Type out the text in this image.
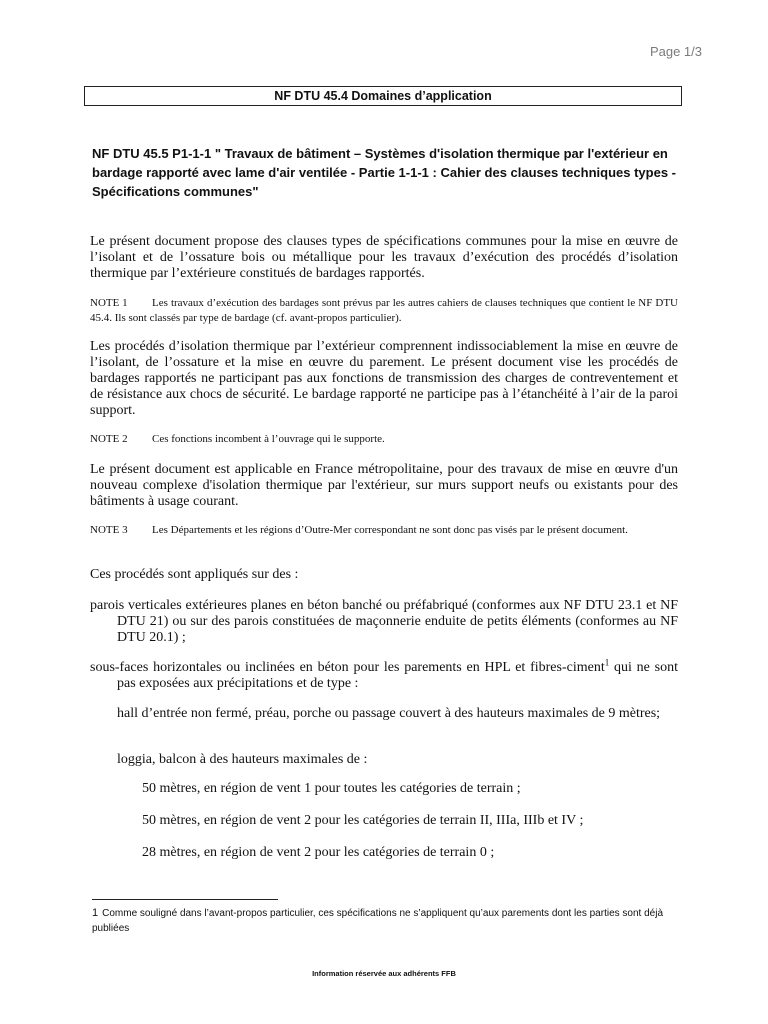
Page 1/3
NF DTU 45.4 Domaines d’application
NF DTU 45.5 P1-1-1 " Travaux de bâtiment – Systèmes d'isolation thermique par l'extérieur en bardage rapporté avec lame d'air ventilée - Partie 1-1-1 : Cahier des clauses techniques types - Spécifications communes"
Le présent document propose des clauses types de spécifications communes pour la mise en œuvre de l’isolant et de l’ossature bois ou métallique pour les travaux d’exécution des procédés d’isolation thermique par l’extérieure constitués de bardages rapportés.
NOTE 1 Les travaux d’exécution des bardages sont prévus par les autres cahiers de clauses techniques que contient le NF DTU 45.4. Ils sont classés par type de bardage (cf. avant-propos particulier).
Les procédés d’isolation thermique par l’extérieur comprennent indissociablement la mise en œuvre de l’isolant, de l’ossature et la mise en œuvre du parement. Le présent document vise les procédés de bardages rapportés ne participant pas aux fonctions de transmission des charges de contreventement et de résistance aux chocs de sécurité. Le bardage rapporté ne participe pas à l’étanchéité à l’air de la paroi support.
NOTE 2 Ces fonctions incombent à l’ouvrage qui le supporte.
Le présent document est applicable en France métropolitaine, pour des travaux de mise en œuvre d'un nouveau complexe d'isolation thermique par l'extérieur, sur murs support neufs ou existants pour des bâtiments à usage courant.
NOTE 3 Les Départements et les régions d’Outre-Mer correspondant ne sont donc pas visés par le présent document.
Ces procédés sont appliqués sur des :
parois verticales extérieures planes en béton banché ou préfabriqué (conformes aux NF DTU 23.1 et NF DTU 21) ou sur des parois constituées de maçonnerie enduite de petits éléments (conformes au NF DTU 20.1) ;
sous-faces horizontales ou inclinées en béton pour les parements en HPL et fibres-ciment$^1$ qui ne sont pas exposées aux précipitations et de type :
hall d’entrée non fermé, préau, porche ou passage couvert à des hauteurs maximales de 9 mètres;
loggia, balcon à des hauteurs maximales de :
50 mètres, en région de vent 1 pour toutes les catégories de terrain ;
50 mètres, en région de vent 2 pour les catégories de terrain II, IIIa, IIIb et IV ;
28 mètres, en région de vent 2 pour les catégories de terrain 0 ;
1 Comme souligné dans l’avant-propos particulier, ces spécifications ne s’appliquent qu’aux parements dont les parties sont déjà publiées
Information réservée aux adhérents FFB
